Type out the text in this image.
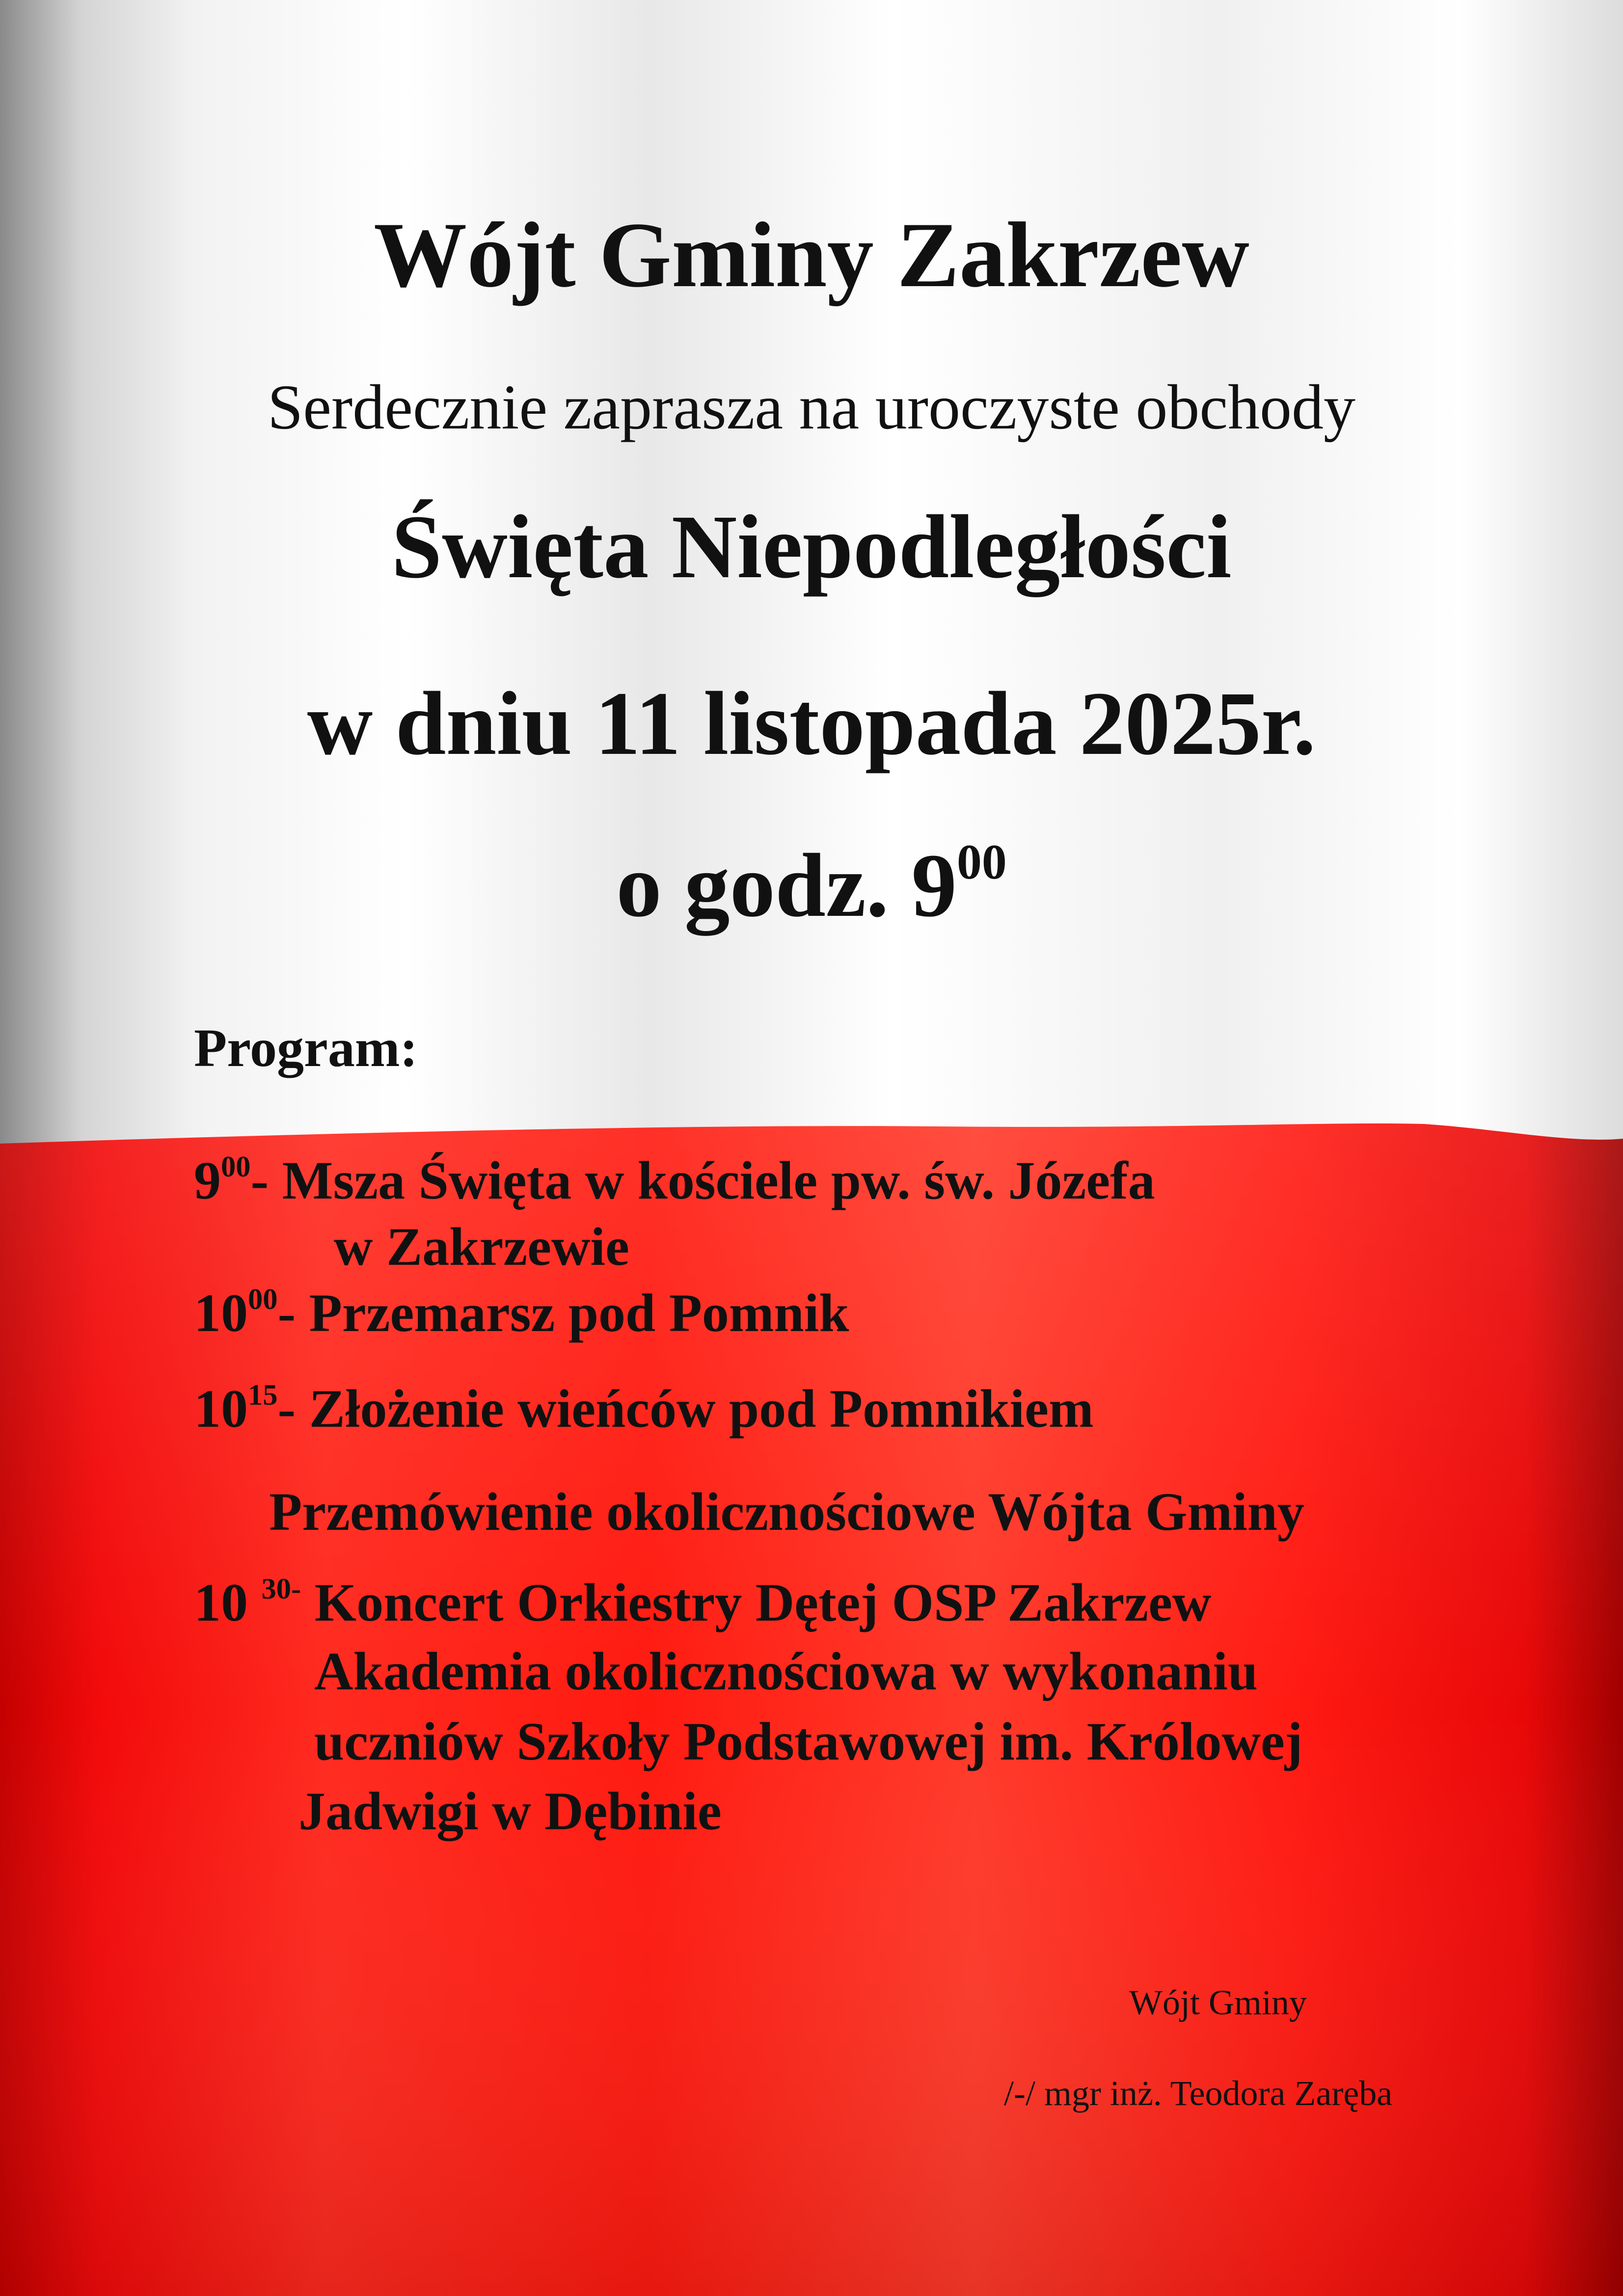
Wójt Gminy Zakrzew
Serdecznie zaprasza na uroczyste obchody
Święta Niepodległości
w dniu 11 listopada 2025r.
o godz. $9^{00}$
Program:
$9^{00}-$ Msza Święta w kościele pw. św. Józefa
w Zakrzewie
$10^{00}-$ Przemarsz pod Pomnik
$10^{15}-$ Złożenie wieńców pod Pomnikiem
Przemówienie okolicznościowe Wójta Gminy
10 $^{30-}$ Koncert Orkiestry Dętej OSP Zakrzew
Akademia okolicznościowa w wykonaniu
uczniów Szkoły Podstawowej im. Królowej
Jadwigi w Dębinie
Wójt Gminy
/-/ mgr inż. Teodora Zaręba
